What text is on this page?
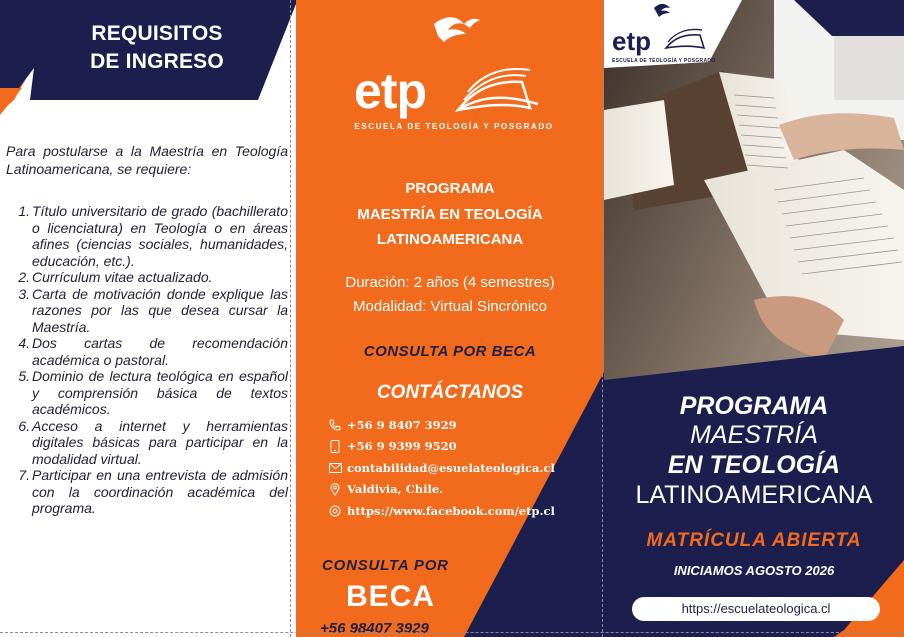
REQUISITOS
DE INGRESO

Para postularse a la Maestría en Teología Latinoamericana, se requiere:

1. Título universitario de grado (bachillerato o licenciatura) en Teología o en áreas afines (ciencias sociales, humanidades, educación, etc.).
2. Currículum vitae actualizado.
3. Carta de motivación donde explique las razones por las que desea cursar la Maestría.
4. Dos cartas de recomendación académica o pastoral.
5. Dominio de lectura teológica en español y comprensión básica de textos académicos.
6. Acceso a internet y herramientas digitales básicas para participar en la modalidad virtual.
7. Participar en una entrevista de admisión con la coordinación académica del programa.
etp
ESCUELA DE TEOLOGÍA Y POSGRADO
PROGRAMA
MAESTRÍA EN TEOLOGÍA
LATINOAMERICANA
Duración: 2 años (4 semestres)
Modalidad: Virtual Sincrónico
CONSULTA POR BECA
CONTÁCTANOS
+56 9 8407 3929
+56 9 9399 9520
contabilidad@esuelateologica.cl
Valdivia, Chile.
https://www.facebook.com/etp.cl
CONSULTA POR
BECA
+56 98407 3929
etp
ESCUELA DE TEOLOGÍA Y POSGRADO
PROGRAMA
MAESTRÍA
EN TEOLOGÍA
LATINOAMERICANA
MATRÍCULA ABIERTA
INICIAMOS AGOSTO 2026
https://escuelateologica.cl
